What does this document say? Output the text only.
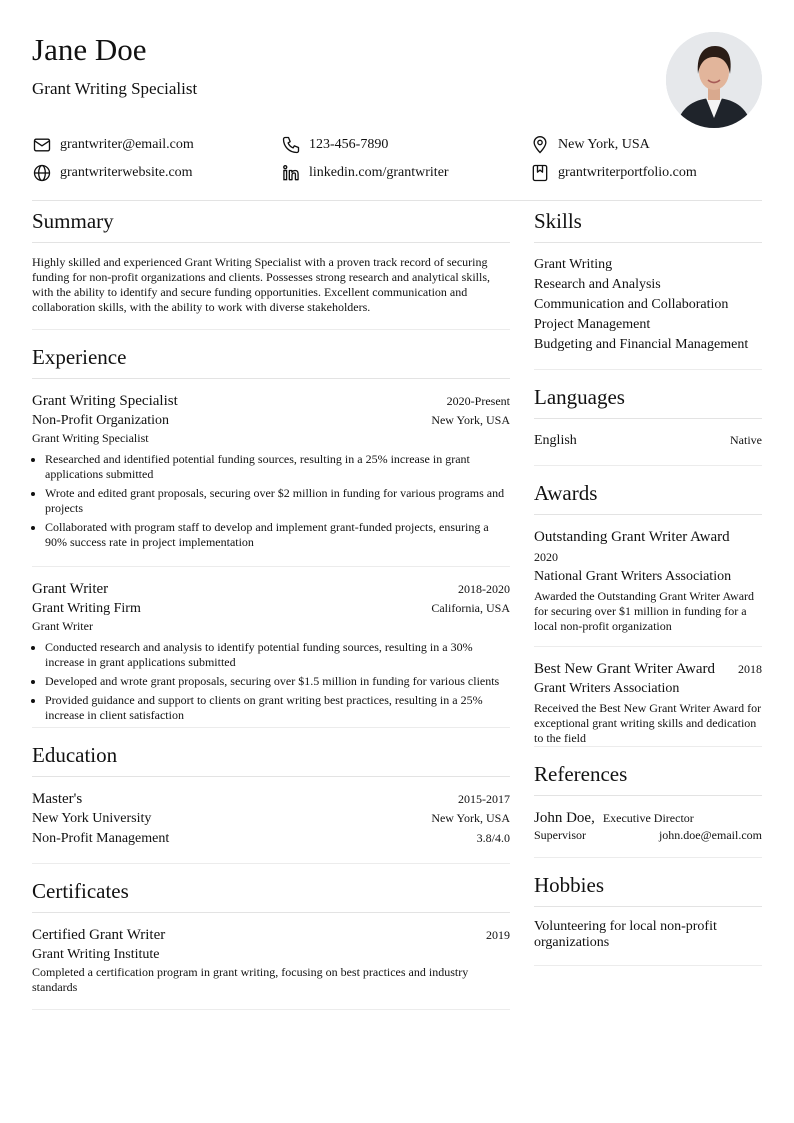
Jane Doe
Grant Writing Specialist
grantwriter@email.com	123-456-7890	New York, USA
grantwriterwebsite.com	linkedin.com/grantwriter	grantwriterportfolio.com
Summary
Highly skilled and experienced Grant Writing Specialist with a proven track record of securing funding for non-profit organizations and clients. Possesses strong research and analytical skills, with the ability to identify and secure funding opportunities. Excellent communication and collaboration skills, with the ability to work with diverse stakeholders.
Experience
Grant Writing Specialist	2020-Present
Non-Profit Organization	New York, USA
Grant Writing Specialist
• Researched and identified potential funding sources, resulting in a 25% increase in grant applications submitted
• Wrote and edited grant proposals, securing over $2 million in funding for various programs and projects
• Collaborated with program staff to develop and implement grant-funded projects, ensuring a 90% success rate in project implementation
Grant Writer	2018-2020
Grant Writing Firm	California, USA
Grant Writer
• Conducted research and analysis to identify potential funding sources, resulting in a 30% increase in grant applications submitted
• Developed and wrote grant proposals, securing over $1.5 million in funding for various clients
• Provided guidance and support to clients on grant writing best practices, resulting in a 25% increase in client satisfaction
Education
Master's	2015-2017
New York University	New York, USA
Non-Profit Management	3.8/4.0
Certificates
Certified Grant Writer	2019
Grant Writing Institute
Completed a certification program in grant writing, focusing on best practices and industry standards
Skills
Grant Writing
Research and Analysis
Communication and Collaboration
Project Management
Budgeting and Financial Management
Languages
English	Native
Awards
Outstanding Grant Writer Award
2020
National Grant Writers Association
Awarded the Outstanding Grant Writer Award for securing over $1 million in funding for a local non-profit organization
Best New Grant Writer Award 2018
Grant Writers Association
Received the Best New Grant Writer Award for exceptional grant writing skills and dedication to the field
References
John Doe, Executive Director
Supervisor	john.doe@email.com
Hobbies
Volunteering for local non-profit organizations
